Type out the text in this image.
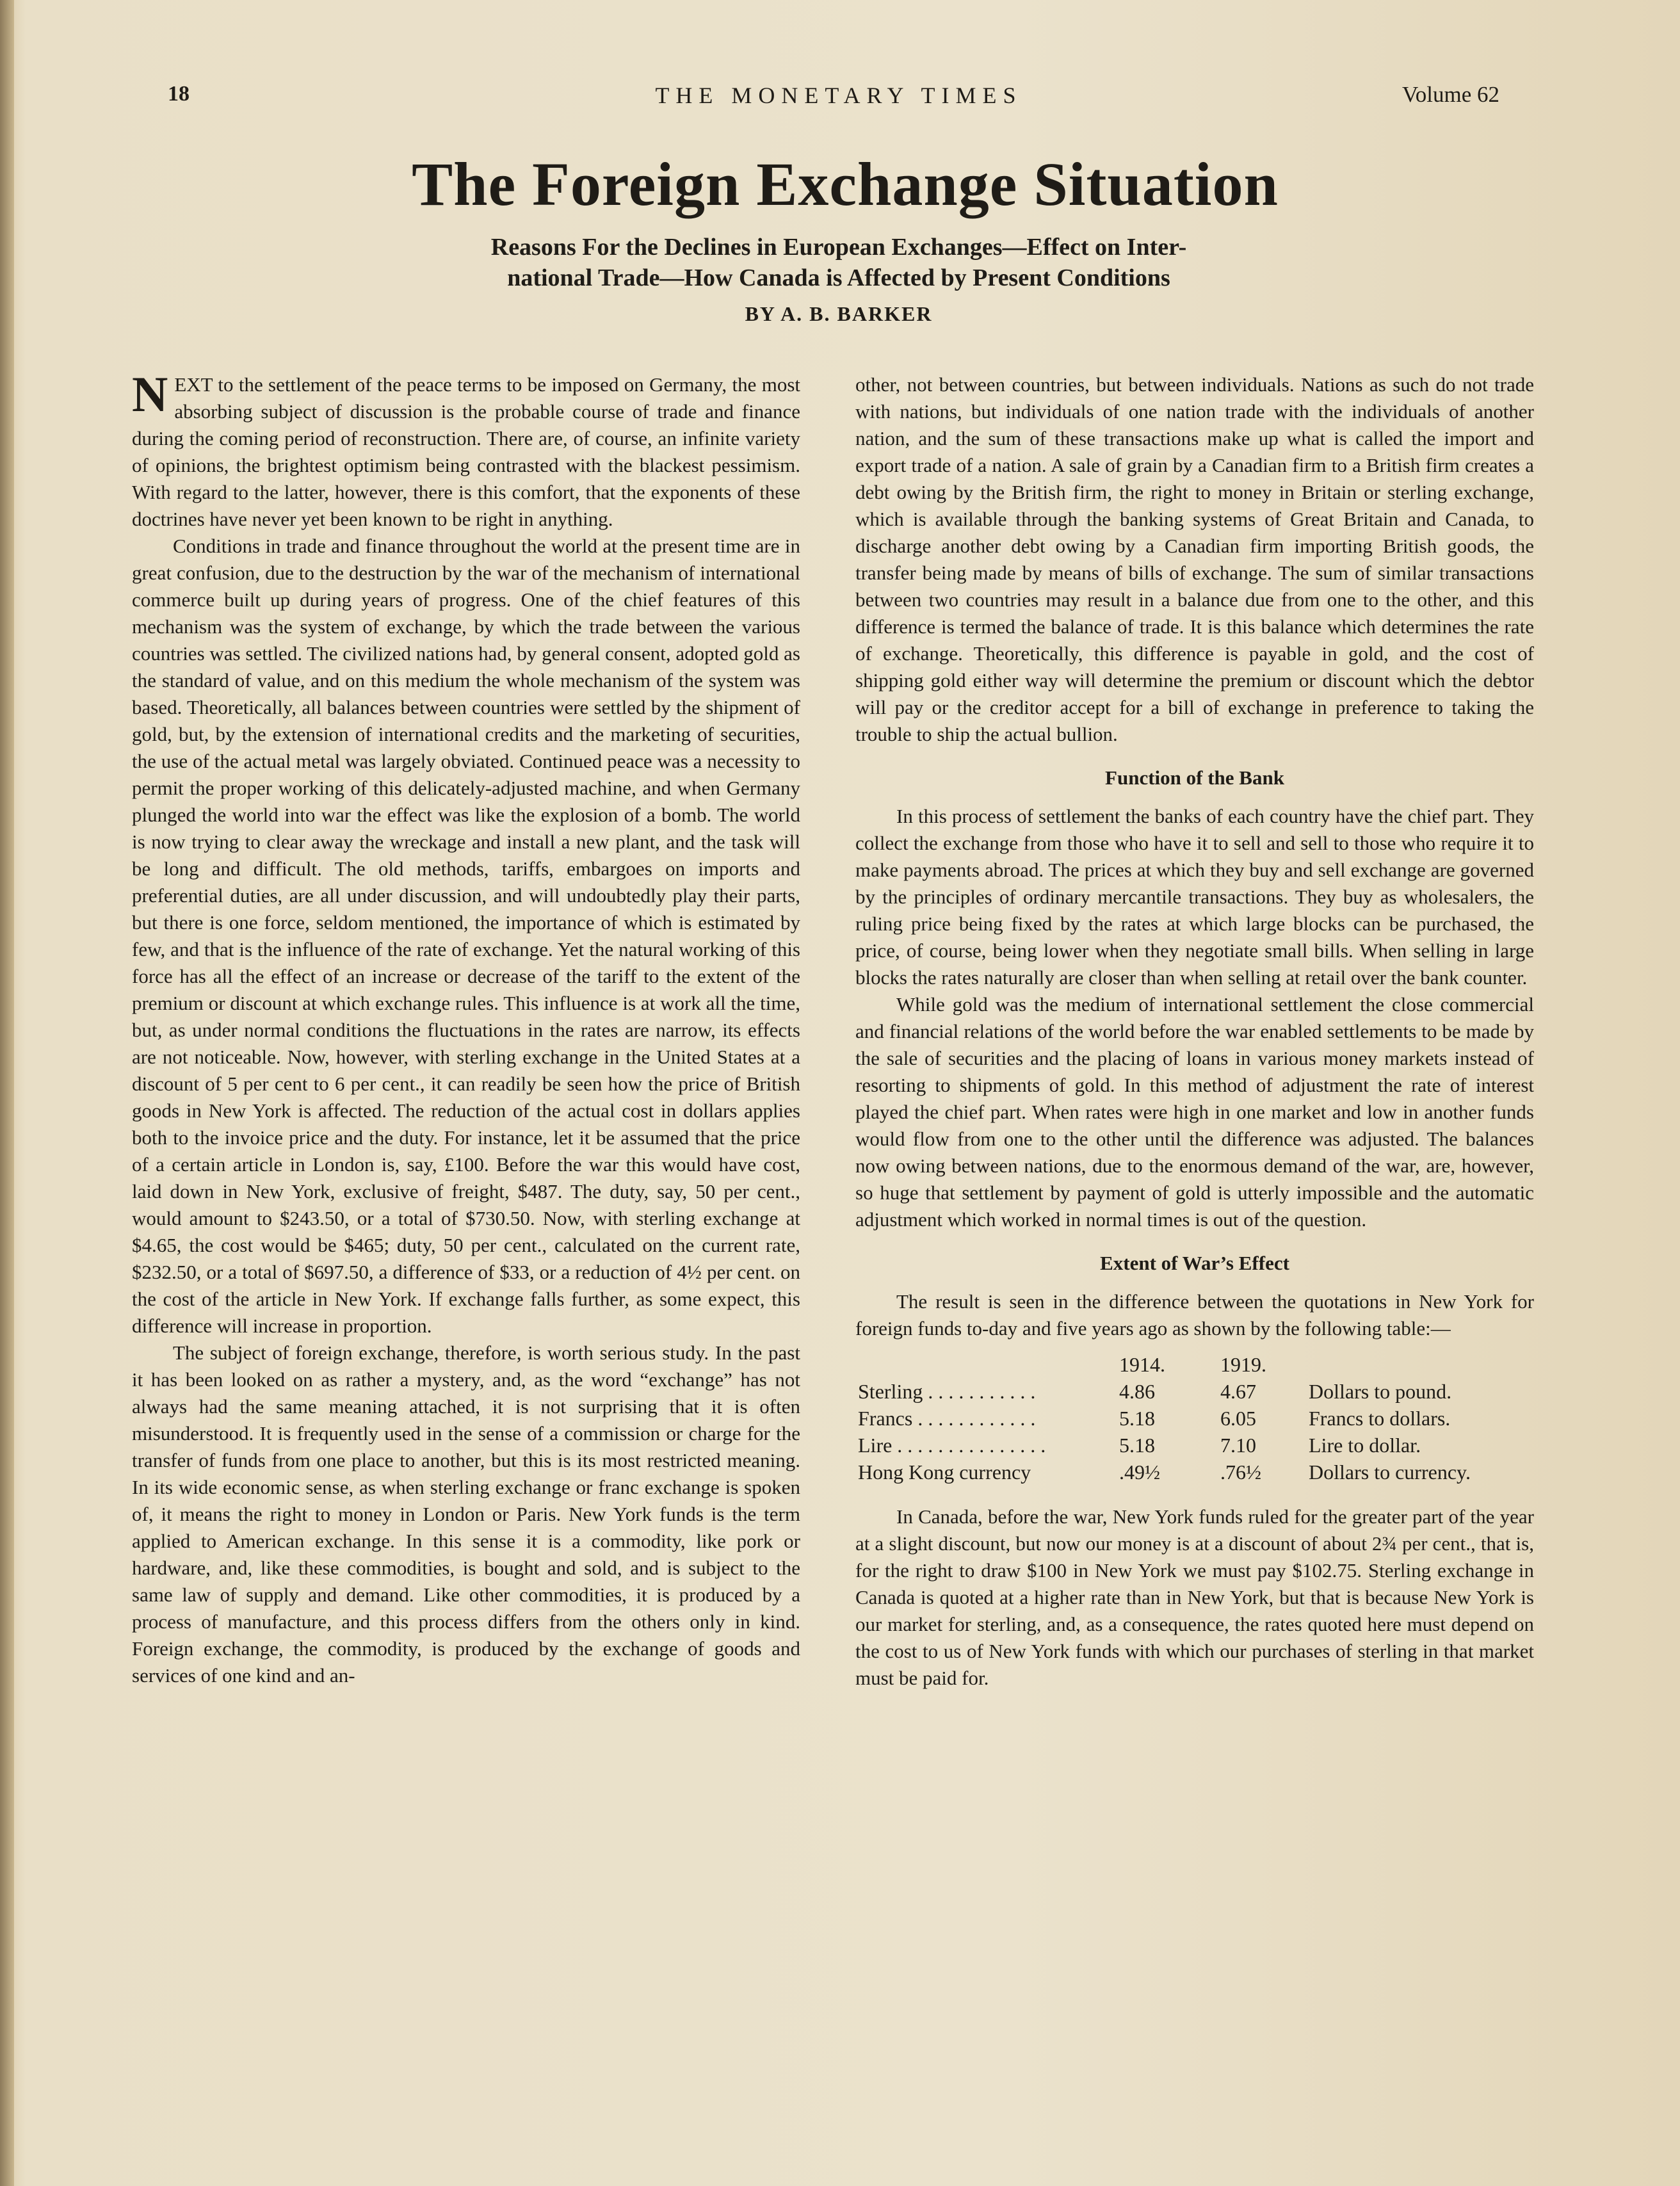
18	THE MONETARY TIMES	Volume 62
The Foreign Exchange Situation
Reasons For the Declines in European Exchanges—Effect on Inter-
national Trade—How Canada is Affected by Present Conditions
BY A. B. BARKER

NEXT to the settlement of the peace terms to be imposed on Germany, the most absorbing subject of discussion is the probable course of trade and finance during the coming period of reconstruction. There are, of course, an infinite variety of opinions, the brightest optimism being contrasted with the blackest pessimism. With regard to the latter, however, there is this comfort, that the exponents of these doctrines have never yet been known to be right in anything.

Conditions in trade and finance throughout the world at the present time are in great confusion, due to the destruction by the war of the mechanism of international commerce built up during years of progress. One of the chief features of this mechanism was the system of exchange, by which the trade between the various countries was settled. The civilized nations had, by general consent, adopted gold as the standard of value, and on this medium the whole mechanism of the system was based. Theoretically, all balances between countries were settled by the shipment of gold, but, by the extension of international credits and the marketing of securities, the use of the actual metal was largely obviated. Continued peace was a necessity to permit the proper working of this delicately-adjusted machine, and when Germany plunged the world into war the effect was like the explosion of a bomb. The world is now trying to clear away the wreckage and install a new plant, and the task will be long and difficult. The old methods, tariffs, embargoes on imports and preferential duties, are all under discussion, and will undoubtedly play their parts, but there is one force, seldom mentioned, the importance of which is estimated by few, and that is the influence of the rate of exchange. Yet the natural working of this force has all the effect of an increase or decrease of the tariff to the extent of the premium or discount at which exchange rules. This influence is at work all the time, but, as under normal conditions the fluctuations in the rates are narrow, its effects are not noticeable. Now, however, with sterling exchange in the United States at a discount of 5 per cent to 6 per cent., it can readily be seen how the price of British goods in New York is affected. The reduction of the actual cost in dollars applies both to the invoice price and the duty. For instance, let it be assumed that the price of a certain article in London is, say, £100. Before the war this would have cost, laid down in New York, exclusive of freight, $487. The duty, say, 50 per cent., would amount to $243.50, or a total of $730.50. Now, with sterling exchange at $4.65, the cost would be $465; duty, 50 per cent., calculated on the current rate, $232.50, or a total of $697.50, a difference of $33, or a reduction of 4½ per cent. on the cost of the article in New York. If exchange falls further, as some expect, this difference will increase in proportion.

The subject of foreign exchange, therefore, is worth serious study. In the past it has been looked on as rather a mystery, and, as the word “exchange” has not always had the same meaning attached, it is not surprising that it is often misunderstood. It is frequently used in the sense of a commission or charge for the transfer of funds from one place to another, but this is its most restricted meaning. In its wide economic sense, as when sterling exchange or franc exchange is spoken of, it means the right to money in London or Paris. New York funds is the term applied to American exchange. In this sense it is a commodity, like pork or hardware, and, like these commodities, is bought and sold, and is subject to the same law of supply and demand. Like other commodities, it is produced by a process of manufacture, and this process differs from the others only in kind. Foreign exchange, the commodity, is produced by the exchange of goods and services of one kind and an-

other, not between countries, but between individuals. Nations as such do not trade with nations, but individuals of one nation trade with the individuals of another nation, and the sum of these transactions make up what is called the import and export trade of a nation. A sale of grain by a Canadian firm to a British firm creates a debt owing by the British firm, the right to money in Britain or sterling exchange, which is available through the banking systems of Great Britain and Canada, to discharge another debt owing by a Canadian firm importing British goods, the transfer being made by means of bills of exchange. The sum of similar transactions between two countries may result in a balance due from one to the other, and this difference is termed the balance of trade. It is this balance which determines the rate of exchange. Theoretically, this difference is payable in gold, and the cost of shipping gold either way will determine the premium or discount which the debtor will pay or the creditor accept for a bill of exchange in preference to taking the trouble to ship the actual bullion.

Function of the Bank

In this process of settlement the banks of each country have the chief part. They collect the exchange from those who have it to sell and sell to those who require it to make payments abroad. The prices at which they buy and sell exchange are governed by the principles of ordinary mercantile transactions. They buy as wholesalers, the ruling price being fixed by the rates at which large blocks can be purchased, the price, of course, being lower when they negotiate small bills. When selling in large blocks the rates naturally are closer than when selling at retail over the bank counter.

While gold was the medium of international settlement the close commercial and financial relations of the world before the war enabled settlements to be made by the sale of securities and the placing of loans in various money markets instead of resorting to shipments of gold. In this method of adjustment the rate of interest played the chief part. When rates were high in one market and low in another funds would flow from one to the other until the difference was adjusted. The balances now owing between nations, due to the enormous demand of the war, are, however, so huge that settlement by payment of gold is utterly impossible and the automatic adjustment which worked in normal times is out of the question.

Extent of War’s Effect

The result is seen in the difference between the quotations in New York for foreign funds to-day and five years ago as shown by the following table:—

	1914.	1919.	
Sterling . . . . . . . . . . .	4.86	4.67	Dollars to pound.
Francs . . . . . . . . . . . .	5.18	6.05	Francs to dollars.
Lire . . . . . . . . . . . . . . .	5.18	7.10	Lire to dollar.
Hong Kong currency	.49½	.76½	Dollars to currency.

In Canada, before the war, New York funds ruled for the greater part of the year at a slight discount, but now our money is at a discount of about 2¾ per cent., that is, for the right to draw $100 in New York we must pay $102.75. Sterling exchange in Canada is quoted at a higher rate than in New York, but that is because New York is our market for sterling, and, as a consequence, the rates quoted here must depend on the cost to us of New York funds with which our purchases of sterling in that market must be paid for.
